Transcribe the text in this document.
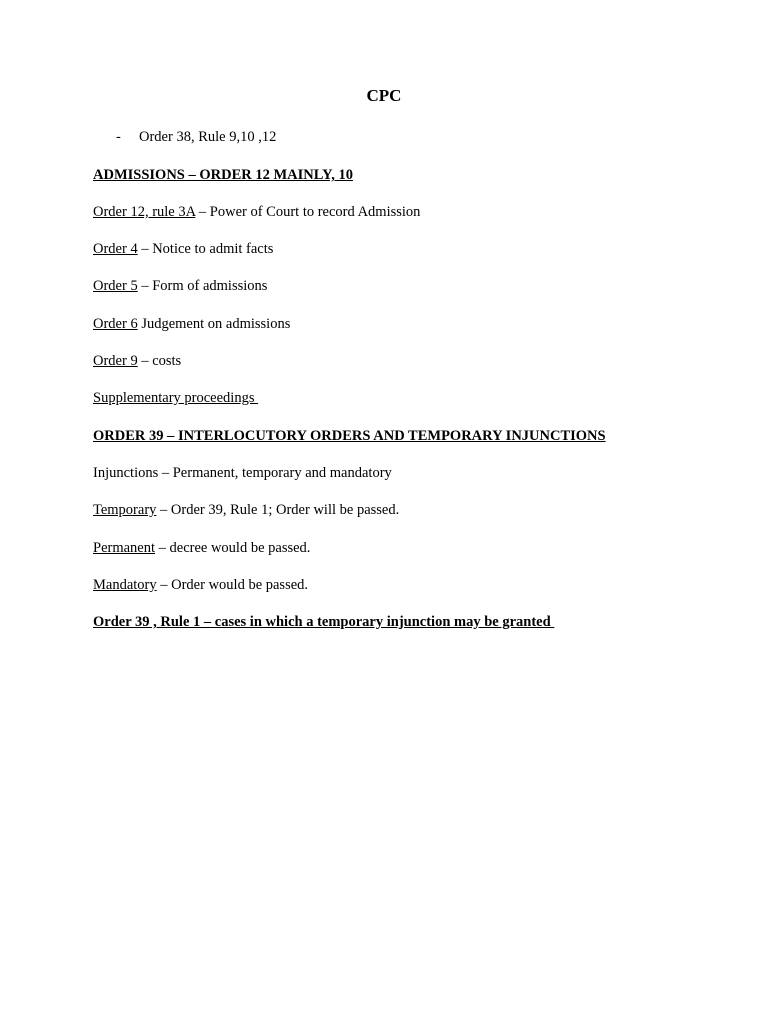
CPC
- Order 38, Rule 9,10 ,12
ADMISSIONS – ORDER 12 MAINLY, 10
Order 12, rule 3A – Power of Court to record Admission
Order 4 – Notice to admit facts
Order 5 – Form of admissions
Order 6 Judgement on admissions
Order 9 – costs
Supplementary proceedings
ORDER 39 – INTERLOCUTORY ORDERS AND TEMPORARY INJUNCTIONS
Injunctions – Permanent, temporary and mandatory
Temporary – Order 39, Rule 1; Order will be passed.
Permanent – decree would be passed.
Mandatory – Order would be passed.
Order 39 , Rule 1 – cases in which a temporary injunction may be granted
